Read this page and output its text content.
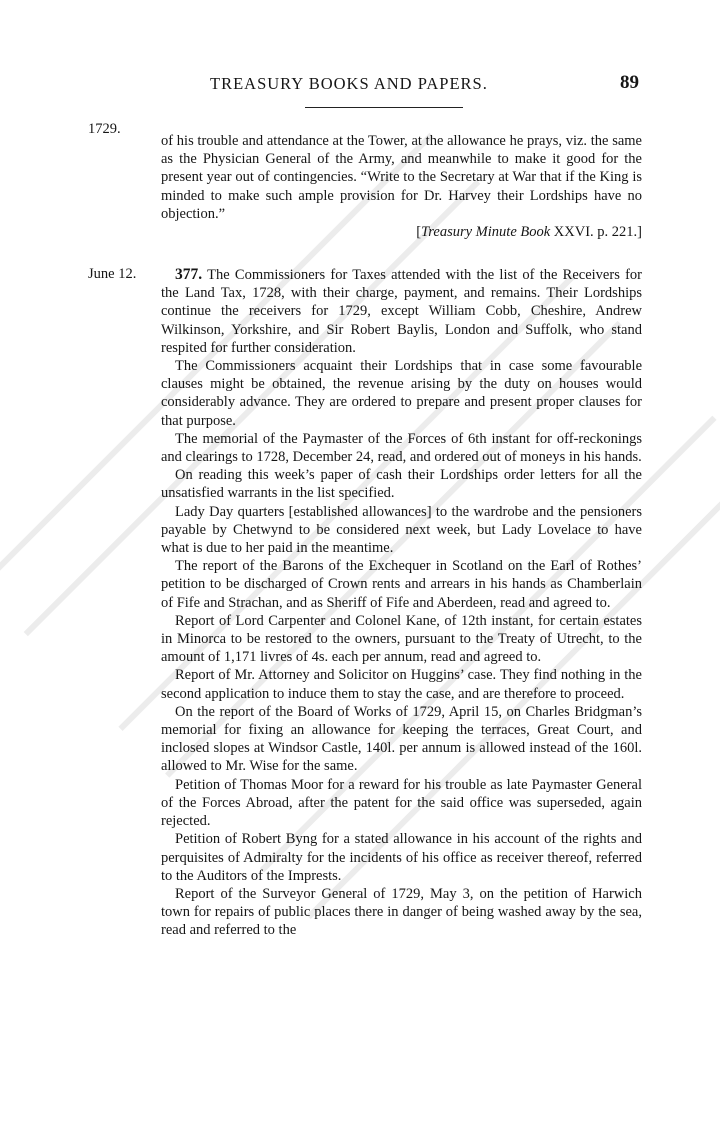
TREASURY BOOKS AND PAPERS.	89
1729.
June 12.

of his trouble and attendance at the Tower, at the allowance he prays, viz. the same as the Physician General of the Army, and meanwhile to make it good for the present year out of contingencies. “Write to the Secretary at War that if the King is minded to make such ample provision for Dr. Harvey their Lordships have no objection.”

[Treasury Minute Book XXVI. p. 221.]

377. The Commissioners for Taxes attended with the list of the Receivers for the Land Tax, 1728, with their charge, payment, and remains. Their Lordships continue the receivers for 1729, except William Cobb, Cheshire, Andrew Wilkinson, Yorkshire, and Sir Robert Baylis, London and Suffolk, who stand respited for further consideration.

The Commissioners acquaint their Lordships that in case some favourable clauses might be obtained, the revenue arising by the duty on houses would considerably advance. They are ordered to prepare and present proper clauses for that purpose.

The memorial of the Paymaster of the Forces of 6th instant for off-reckonings and clearings to 1728, December 24, read, and ordered out of moneys in his hands.

On reading this week’s paper of cash their Lordships order letters for all the unsatisfied warrants in the list specified.

Lady Day quarters [established allowances] to the wardrobe and the pensioners payable by Chetwynd to be considered next week, but Lady Lovelace to have what is due to her paid in the meantime.

The report of the Barons of the Exchequer in Scotland on the Earl of Rothes’ petition to be discharged of Crown rents and arrears in his hands as Chamberlain of Fife and Strachan, and as Sheriff of Fife and Aberdeen, read and agreed to.

Report of Lord Carpenter and Colonel Kane, of 12th instant, for certain estates in Minorca to be restored to the owners, pursuant to the Treaty of Utrecht, to the amount of 1,171 livres of 4s. each per annum, read and agreed to.

Report of Mr. Attorney and Solicitor on Huggins’ case. They find nothing in the second application to induce them to stay the case, and are therefore to proceed.

On the report of the Board of Works of 1729, April 15, on Charles Bridgman’s memorial for fixing an allowance for keeping the terraces, Great Court, and inclosed slopes at Windsor Castle, 140l. per annum is allowed instead of the 160l. allowed to Mr. Wise for the same.

Petition of Thomas Moor for a reward for his trouble as late Paymaster General of the Forces Abroad, after the patent for the said office was superseded, again rejected.

Petition of Robert Byng for a stated allowance in his account of the rights and perquisites of Admiralty for the incidents of his office as receiver thereof, referred to the Auditors of the Imprests.

Report of the Surveyor General of 1729, May 3, on the petition of Harwich town for repairs of public places there in danger of being washed away by the sea, read and referred to the
